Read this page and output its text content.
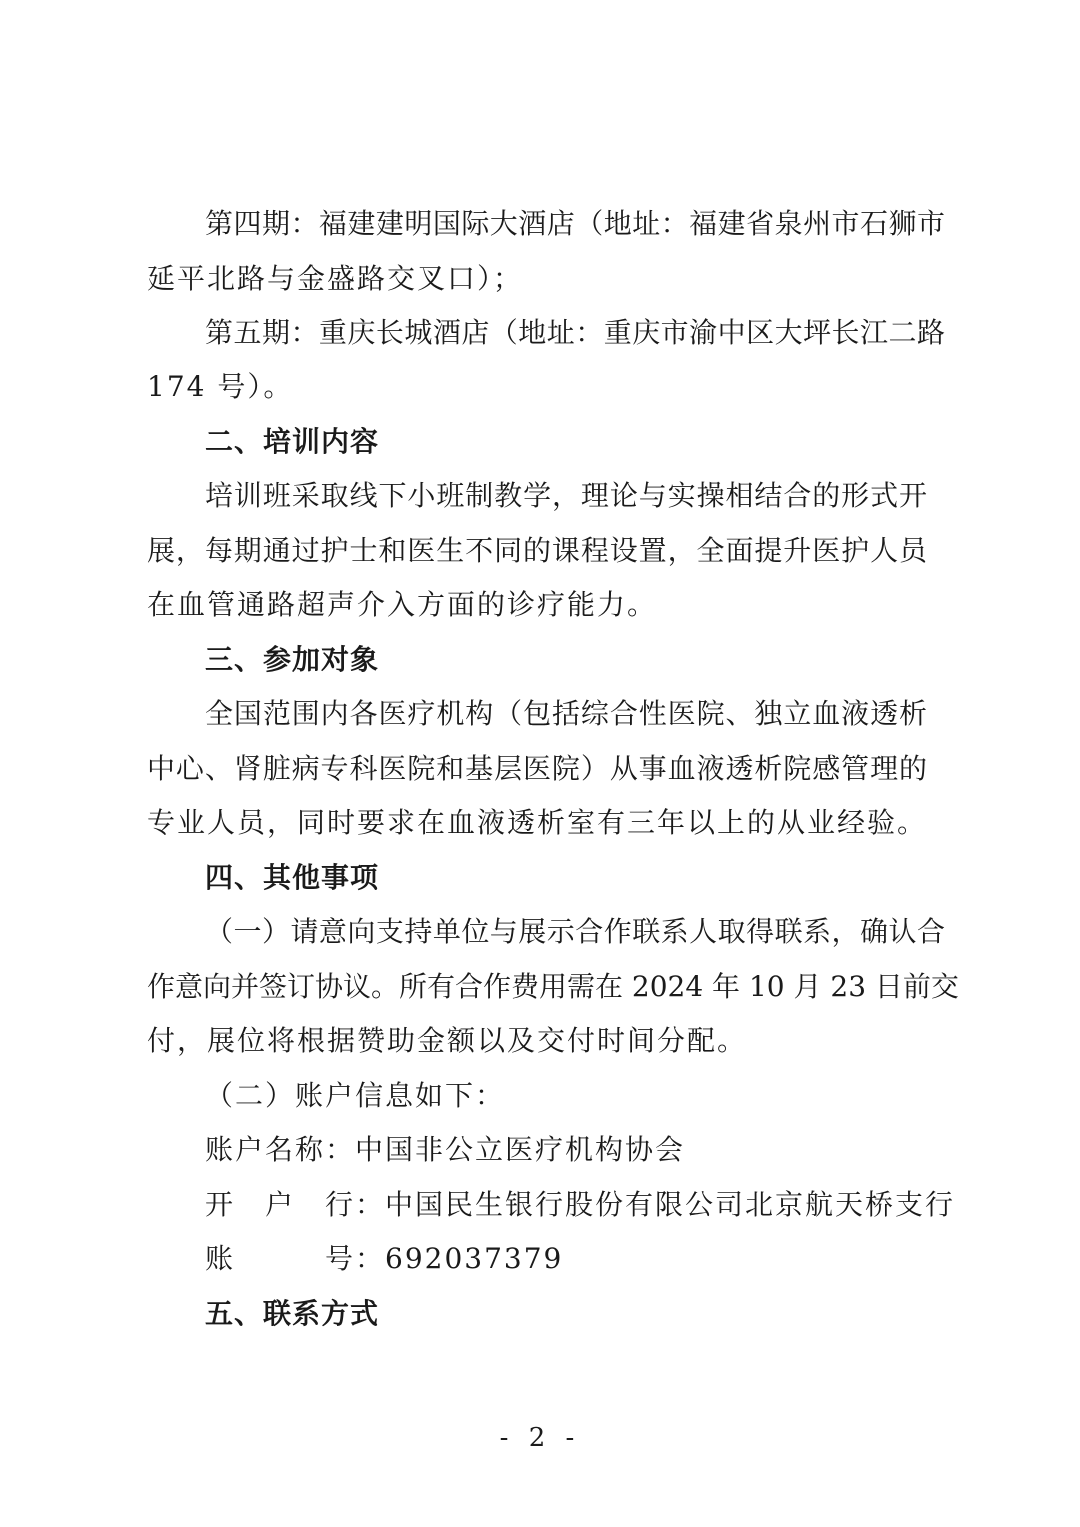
第四期：福建建明国际大酒店（地址：福建省泉州市石狮市
延平北路与金盛路交叉口）；
第五期：重庆长城酒店（地址：重庆市渝中区大坪长江二路
174 号）。
二、培训内容
培训班采取线下小班制教学，理论与实操相结合的形式开
展，每期通过护士和医生不同的课程设置，全面提升医护人员
在血管通路超声介入方面的诊疗能力。
三、参加对象
全国范围内各医疗机构（包括综合性医院、独立血液透析
中心、肾脏病专科医院和基层医院）从事血液透析院感管理的
专业人员，同时要求在血液透析室有三年以上的从业经验。
四、其他事项
（一）请意向支持单位与展示合作联系人取得联系，确认合
作意向并签订协议。所有合作费用需在 2024 年 10 月 23 日前交
付，展位将根据赞助金额以及交付时间分配。
（二）账户信息如下：
账户名称：中国非公立医疗机构协会
开　户　行：中国民生银行股份有限公司北京航天桥支行
账　　　号：692037379
五、联系方式
- 2 -
